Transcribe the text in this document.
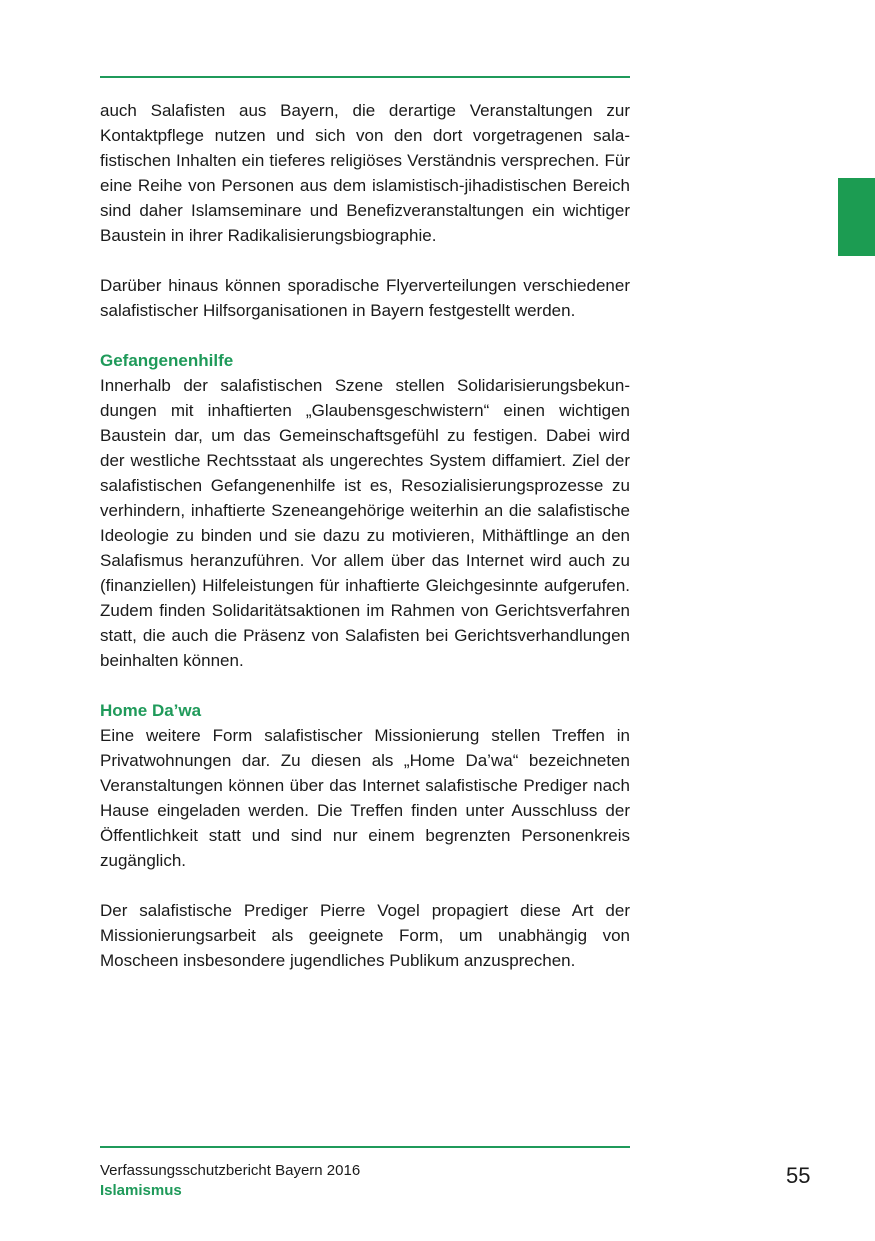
auch Salafisten aus Bayern, die derartige Veranstaltungen zur Kontaktpflege nutzen und sich von den dort vorgetragenen salafistischen Inhalten ein tieferes religiöses Verständnis versprechen. Für eine Reihe von Personen aus dem islamistisch-jihadistischen Bereich sind daher Islamseminare und Benefizveranstaltungen ein wichtiger Baustein in ihrer Radikalisierungsbiographie.

Darüber hinaus können sporadische Flyerverteilungen verschiedener salafistischer Hilfsorganisationen in Bayern festgestellt werden.

Gefangenenhilfe

Innerhalb der salafistischen Szene stellen Solidarisierungsbekundungen mit inhaftierten „Glaubensgeschwistern“ einen wichtigen Baustein dar, um das Gemeinschaftsgefühl zu festigen. Dabei wird der westliche Rechtsstaat als ungerechtes System diffamiert. Ziel der salafistischen Gefangenenhilfe ist es, Resozialisierungsprozesse zu verhindern, inhaftierte Szeneangehörige weiterhin an die salafistische Ideologie zu binden und sie dazu zu motivieren, Mithäftlinge an den Salafismus heranzuführen. Vor allem über das Internet wird auch zu (finanziellen) Hilfeleistungen für inhaftierte Gleichgesinnte aufgerufen. Zudem finden Solidaritätsaktionen im Rahmen von Gerichtsverfahren statt, die auch die Präsenz von Salafisten bei Gerichtsverhandlungen beinhalten können.

Home Da’wa

Eine weitere Form salafistischer Missionierung stellen Treffen in Privatwohnungen dar. Zu diesen als „Home Da’wa“ bezeichneten Veranstaltungen können über das Internet salafistische Prediger nach Hause eingeladen werden. Die Treffen finden unter Ausschluss der Öffentlichkeit statt und sind nur einem begrenzten Personenkreis zugänglich.

Der salafistische Prediger Pierre Vogel propagiert diese Art der Missionierungsarbeit als geeignete Form, um unabhängig von Moscheen insbesondere jugendliches Publikum anzusprechen.

Verfassungsschutzbericht Bayern 2016
Islamismus
55
